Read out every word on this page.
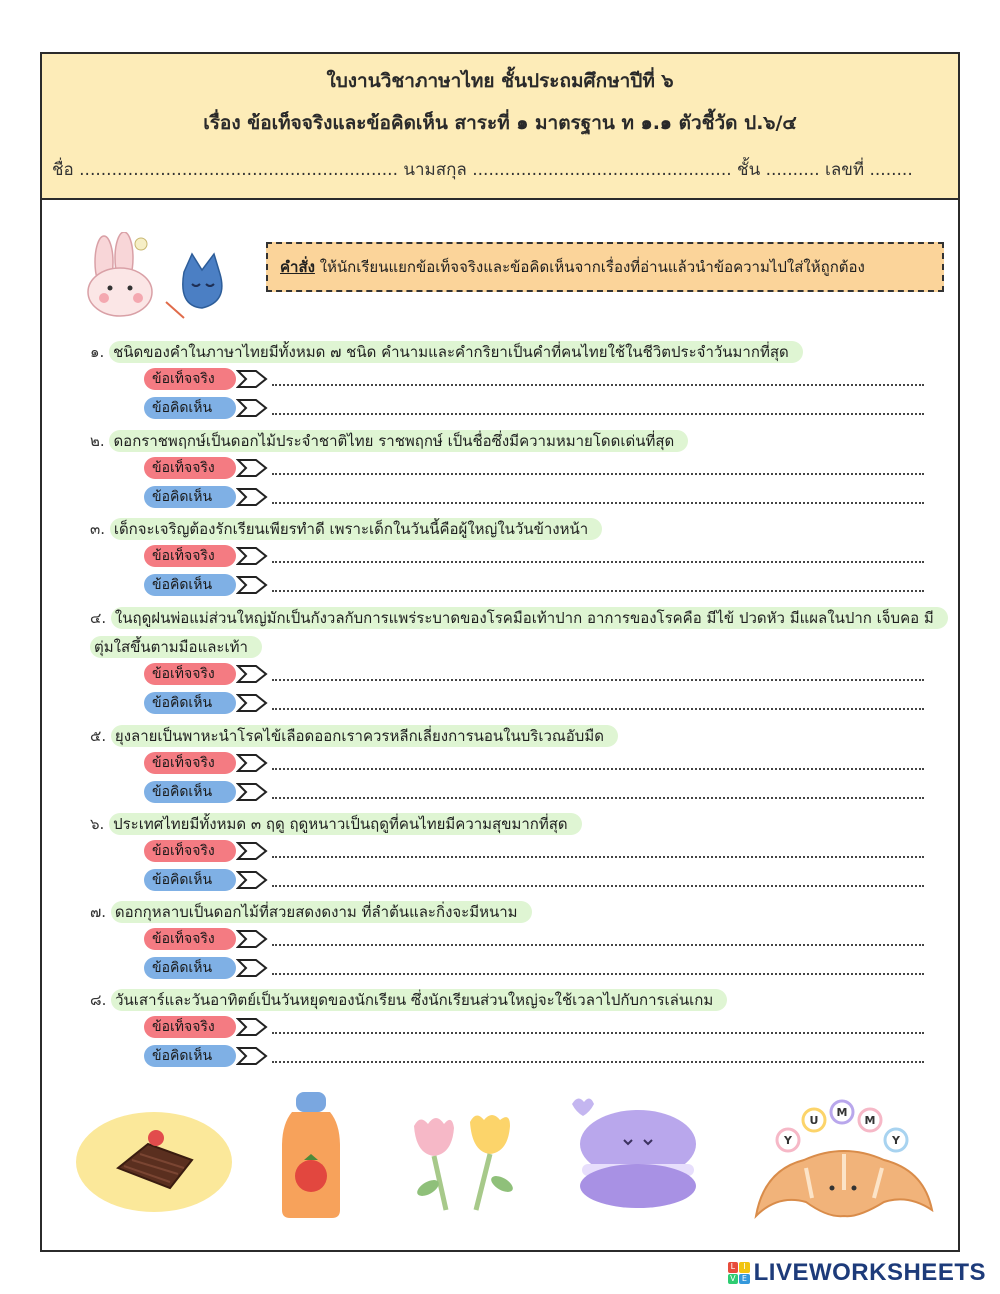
ใบงานวิชาภาษาไทย ชั้นประถมศึกษาปีที่ ๖
เรื่อง ข้อเท็จจริงและข้อคิดเห็น สาระที่ ๑ มาตรฐาน ท ๑.๑ ตัวชี้วัด ป.๖/๔
ชื่อ ........................................................... นามสกุล ................................................ ชั้น .......... เลขที่ ........
คำสั่ง ให้นักเรียนแยกข้อเท็จจริงและข้อคิดเห็นจากเรื่องที่อ่านแล้วนำข้อความไปใส่ให้ถูกต้อง
๑. ชนิดของคำในภาษาไทยมีทั้งหมด ๗ ชนิด คำนามและคำกริยาเป็นคำที่คนไทยใช้ในชีวิตประจำวันมากที่สุด
ข้อเท็จจริง
ข้อคิดเห็น
๒. ดอกราชพฤกษ์เป็นดอกไม้ประจำชาติไทย ราชพฤกษ์ เป็นชื่อซึ่งมีความหมายโดดเด่นที่สุด
ข้อเท็จจริง
ข้อคิดเห็น
๓. เด็กจะเจริญต้องรักเรียนเพียรทำดี เพราะเด็กในวันนี้คือผู้ใหญ่ในวันข้างหน้า
ข้อเท็จจริง
ข้อคิดเห็น
๔. ในฤดูฝนพ่อแม่ส่วนใหญ่มักเป็นกังวลกับการแพร่ระบาดของโรคมือเท้าปาก อาการของโรคคือ มีไข้ ปวดหัว มีแผลในปาก เจ็บคอ มีตุ่มใสขึ้นตามมือและเท้า
ข้อเท็จจริง
ข้อคิดเห็น
๕. ยุงลายเป็นพาหะนำโรคไข้เลือดออกเราควรหลีกเลี่ยงการนอนในบริเวณอับมืด
ข้อเท็จจริง
ข้อคิดเห็น
๖. ประเทศไทยมีทั้งหมด ๓ ฤดู ฤดูหนาวเป็นฤดูที่คนไทยมีความสุขมากที่สุด
ข้อเท็จจริง
ข้อคิดเห็น
๗. ดอกกุหลาบเป็นดอกไม้ที่สวยสดงดงาม ที่ลำต้นและกิ่งจะมีหนาม
ข้อเท็จจริง
ข้อคิดเห็น
๘. วันเสาร์และวันอาทิตย์เป็นวันหยุดของนักเรียน ซึ่งนักเรียนส่วนใหญ่จะใช้เวลาไปกับการเล่นเกม
ข้อเท็จจริง
ข้อคิดเห็น
Y
U
M
M
Y
L	I
V E LIVEWORKSHEETS
